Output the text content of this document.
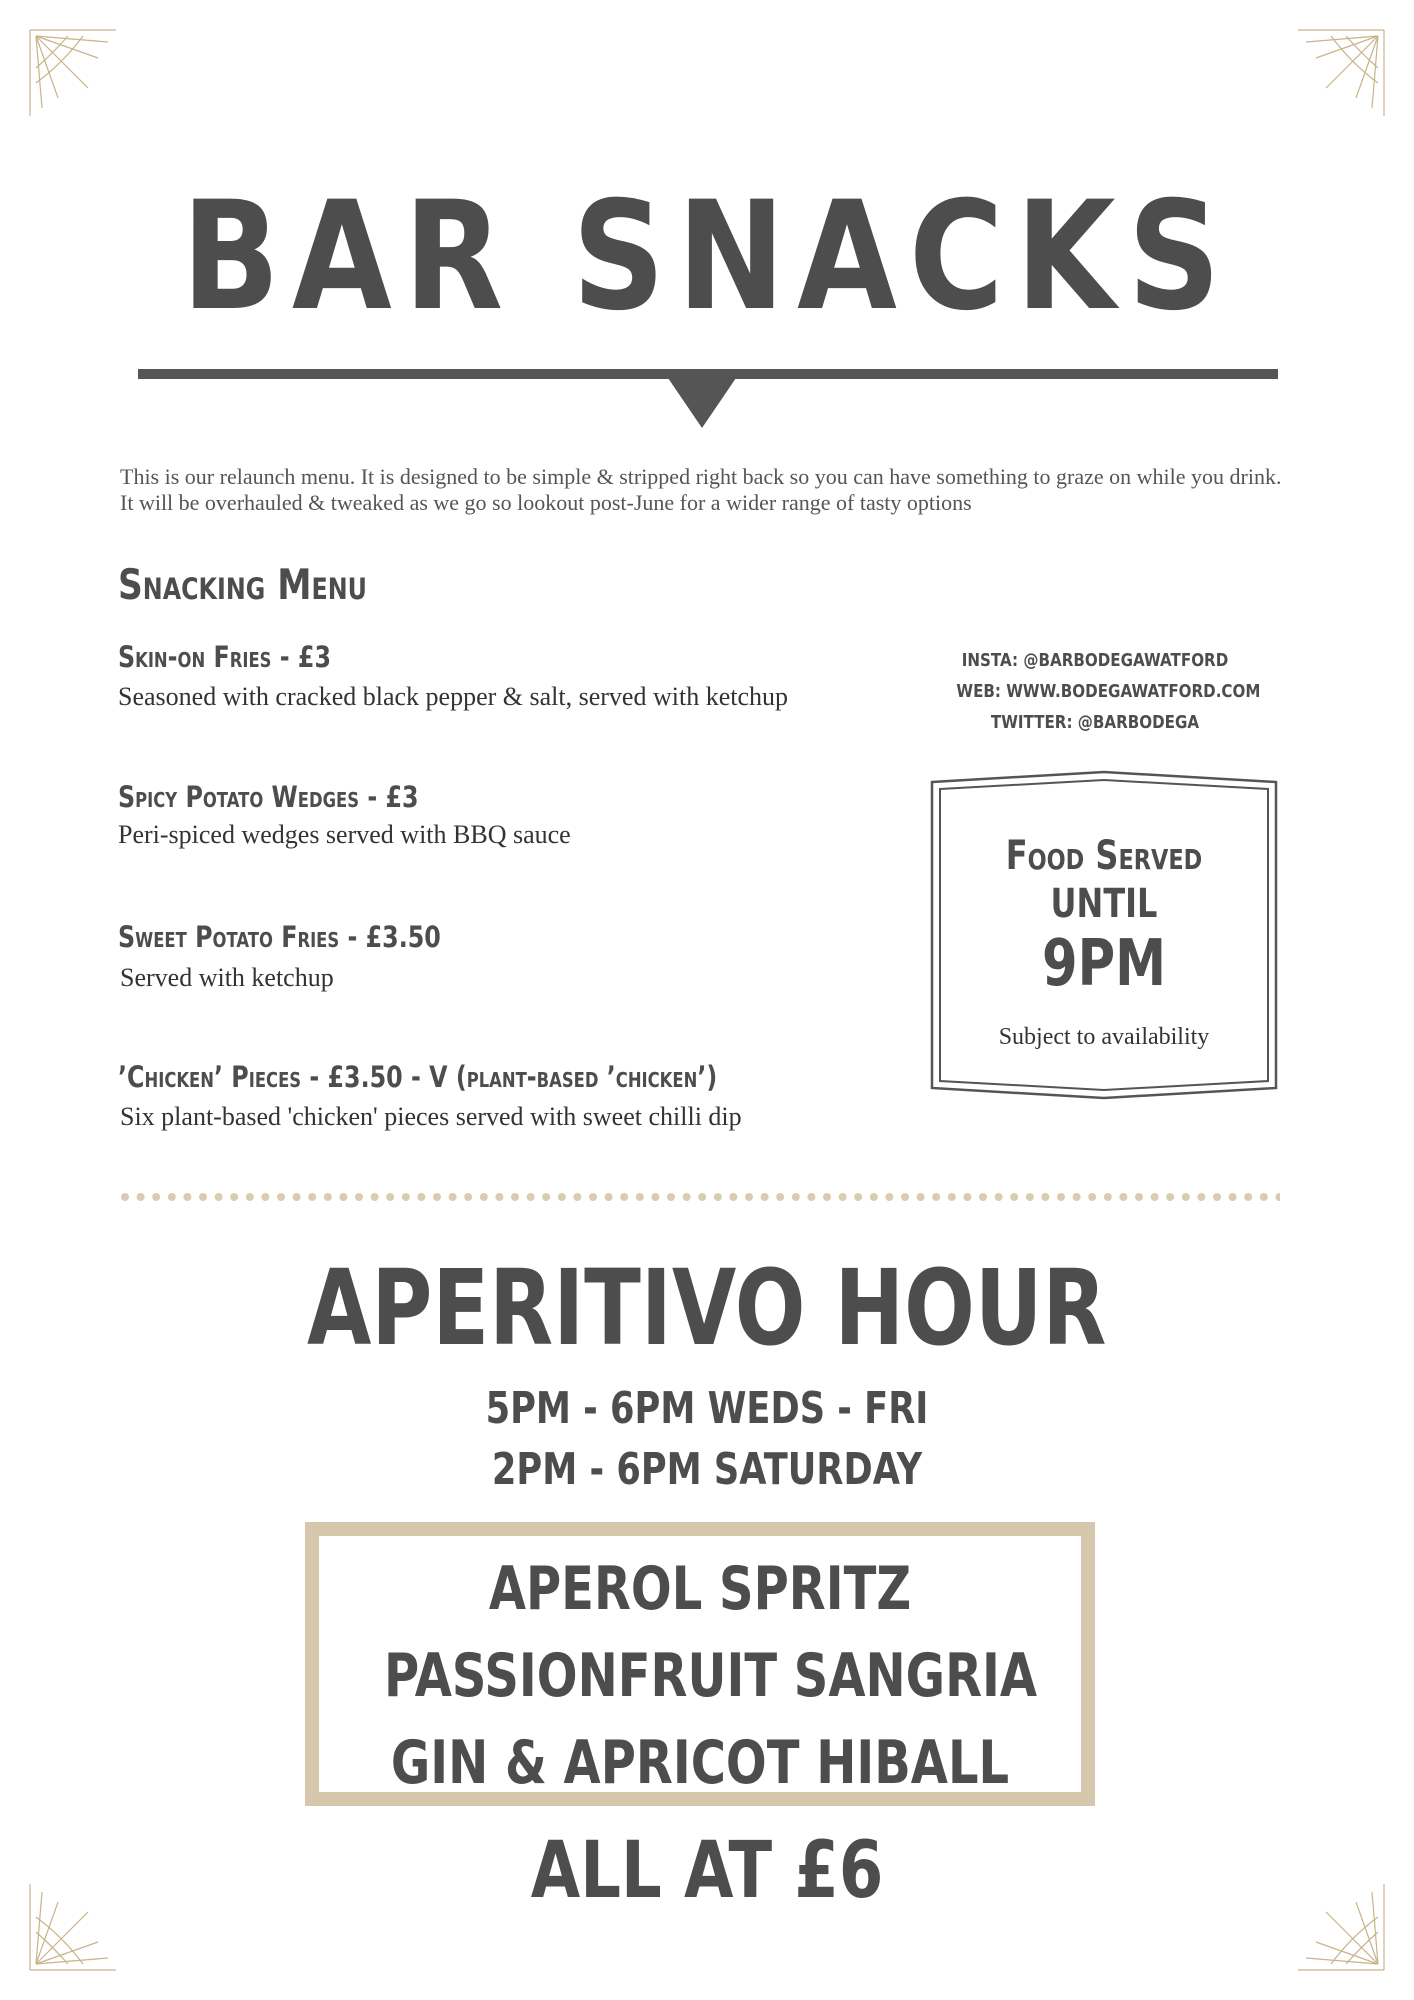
BAR SNACKS
This is our relaunch menu. It is designed to be simple & stripped right back so you can have something to graze on while you drink. It will be overhauled & tweaked as we go so lookout post-June for a wider range of tasty options
Snacking Menu
Skin-on Fries - £3
Seasoned with cracked black pepper & salt, served with ketchup
Spicy Potato Wedges - £3
Peri-spiced wedges served with BBQ sauce
Sweet Potato Fries - £3.50
Served with ketchup
’Chicken’ Pieces - £3.50 - V (plant-based ’chicken’)
Six plant-based 'chicken' pieces served with sweet chilli dip
INSTA: @BARBODEGAWATFORD
WEB: WWW.BODEGAWATFORD.COM
TWITTER: @BARBODEGA
Food Served
UNTIL
9PM
Subject to availability
APERITIVO HOUR
5PM - 6PM WEDS - FRI
2PM - 6PM SATURDAY
APEROL SPRITZ
PASSIONFRUIT SANGRIA
GIN & APRICOT HIBALL
ALL AT £6
